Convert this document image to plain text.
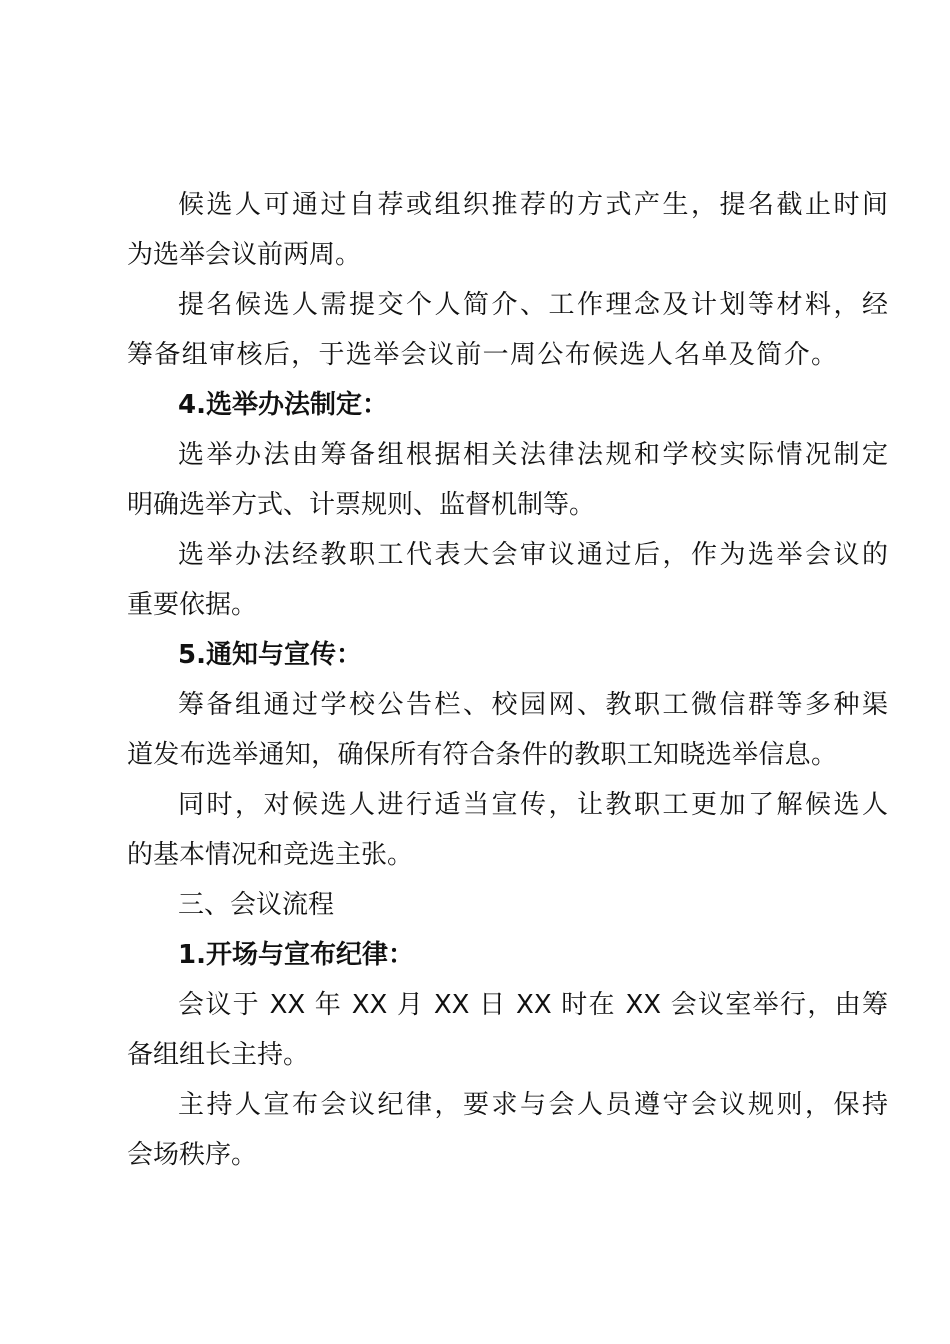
候选人可通过自荐或组织推荐的方式产生，提名截止时间
为选举会议前两周。
提名候选人需提交个人简介、工作理念及计划等材料，经
筹备组审核后，于选举会议前一周公布候选人名单及简介。
4.选举办法制定：
选举办法由筹备组根据相关法律法规和学校实际情况制定
明确选举方式、计票规则、监督机制等。
选举办法经教职工代表大会审议通过后，作为选举会议的
重要依据。
5.通知与宣传：
筹备组通过学校公告栏、校园网、教职工微信群等多种渠
道发布选举通知，确保所有符合条件的教职工知晓选举信息。
同时，对候选人进行适当宣传，让教职工更加了解候选人
的基本情况和竞选主张。
三、会议流程
1.开场与宣布纪律：
会议于 XX 年 XX 月 XX 日 XX 时在 XX 会议室举行，由筹
备组组长主持。
主持人宣布会议纪律，要求与会人员遵守会议规则，保持
会场秩序。
